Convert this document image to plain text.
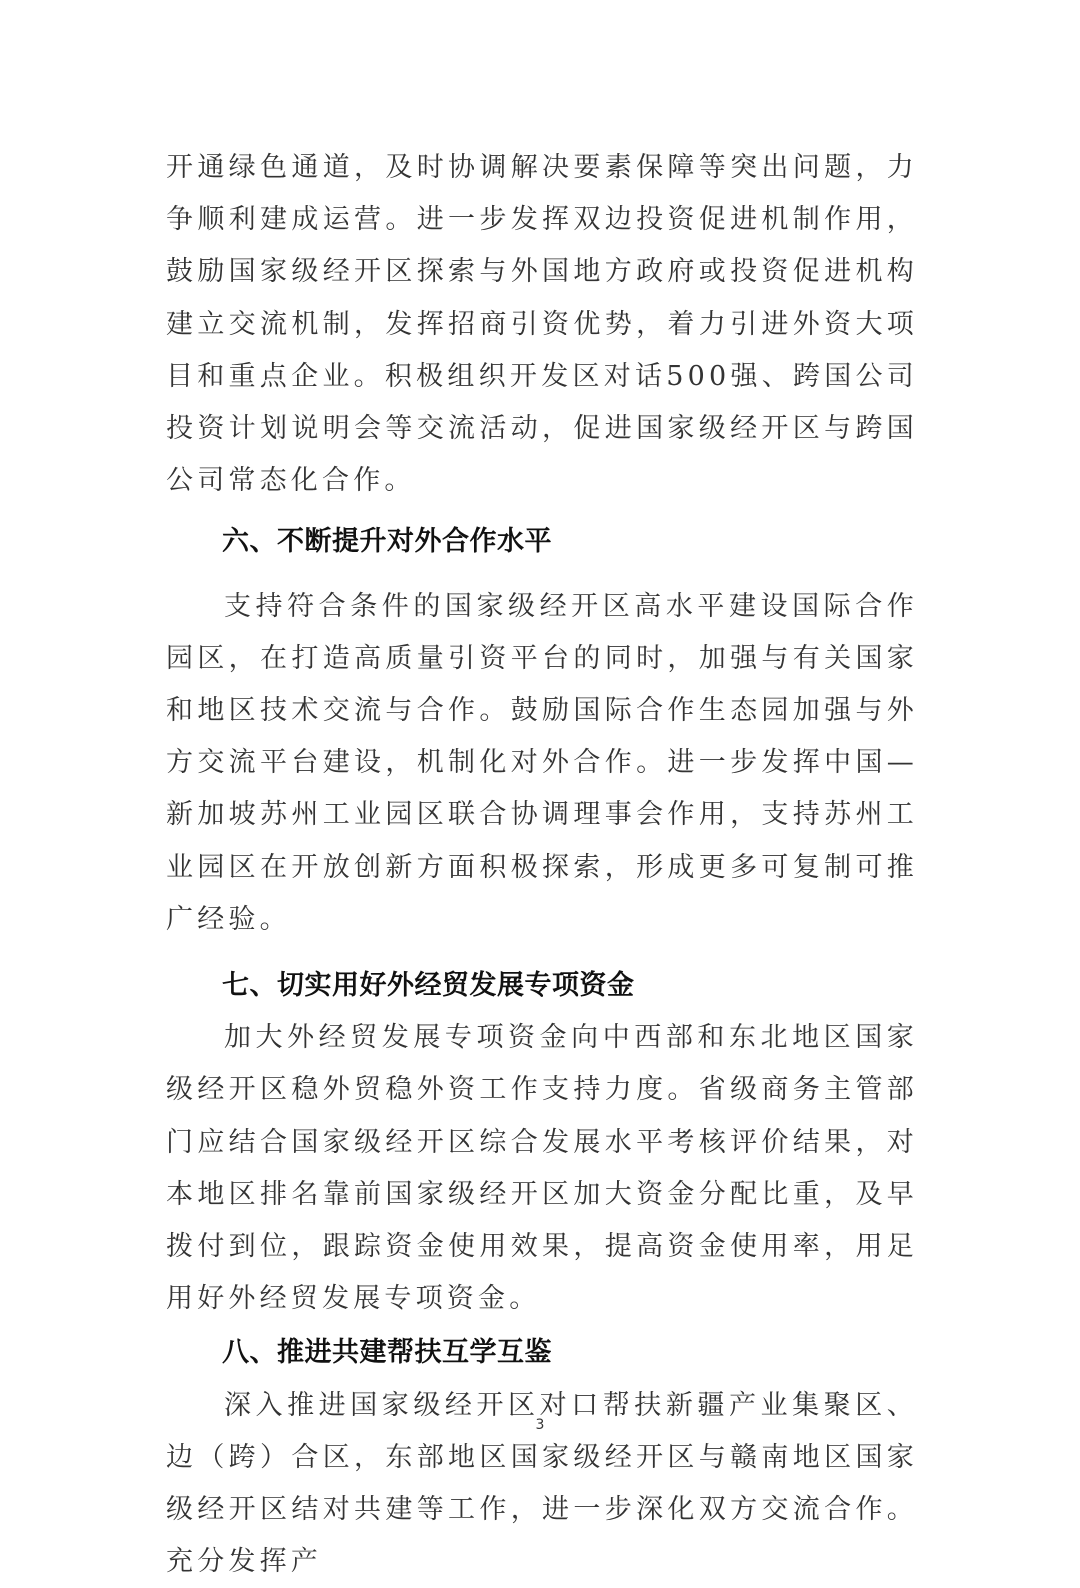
开通绿色通道，及时协调解决要素保障等突出问题，力争顺利建成运营。进一步发挥双边投资促进机制作用，鼓励国家级经开区探索与外国地方政府或投资促进机构建立交流机制，发挥招商引资优势，着力引进外资大项目和重点企业。积极组织开发区对话500强、跨国公司投资计划说明会等交流活动，促进国家级经开区与跨国公司常态化合作。

六、不断提升对外合作水平

支持符合条件的国家级经开区高水平建设国际合作园区，在打造高质量引资平台的同时，加强与有关国家和地区技术交流与合作。鼓励国际合作生态园加强与外方交流平台建设，机制化对外合作。进一步发挥中国—新加坡苏州工业园区联合协调理事会作用，支持苏州工业园区在开放创新方面积极探索，形成更多可复制可推广经验。

七、切实用好外经贸发展专项资金

加大外经贸发展专项资金向中西部和东北地区国家级经开区稳外贸稳外资工作支持力度。省级商务主管部门应结合国家级经开区综合发展水平考核评价结果，对本地区排名靠前国家级经开区加大资金分配比重，及早拨付到位，跟踪资金使用效果，提高资金使用率，用足用好外经贸发展专项资金。

八、推进共建帮扶互学互鉴

深入推进国家级经开区对口帮扶新疆产业集聚区、边（跨）合区，东部地区国家级经开区与赣南地区国家级经开区结对共建等工作，进一步深化双方交流合作。充分发挥产

3
